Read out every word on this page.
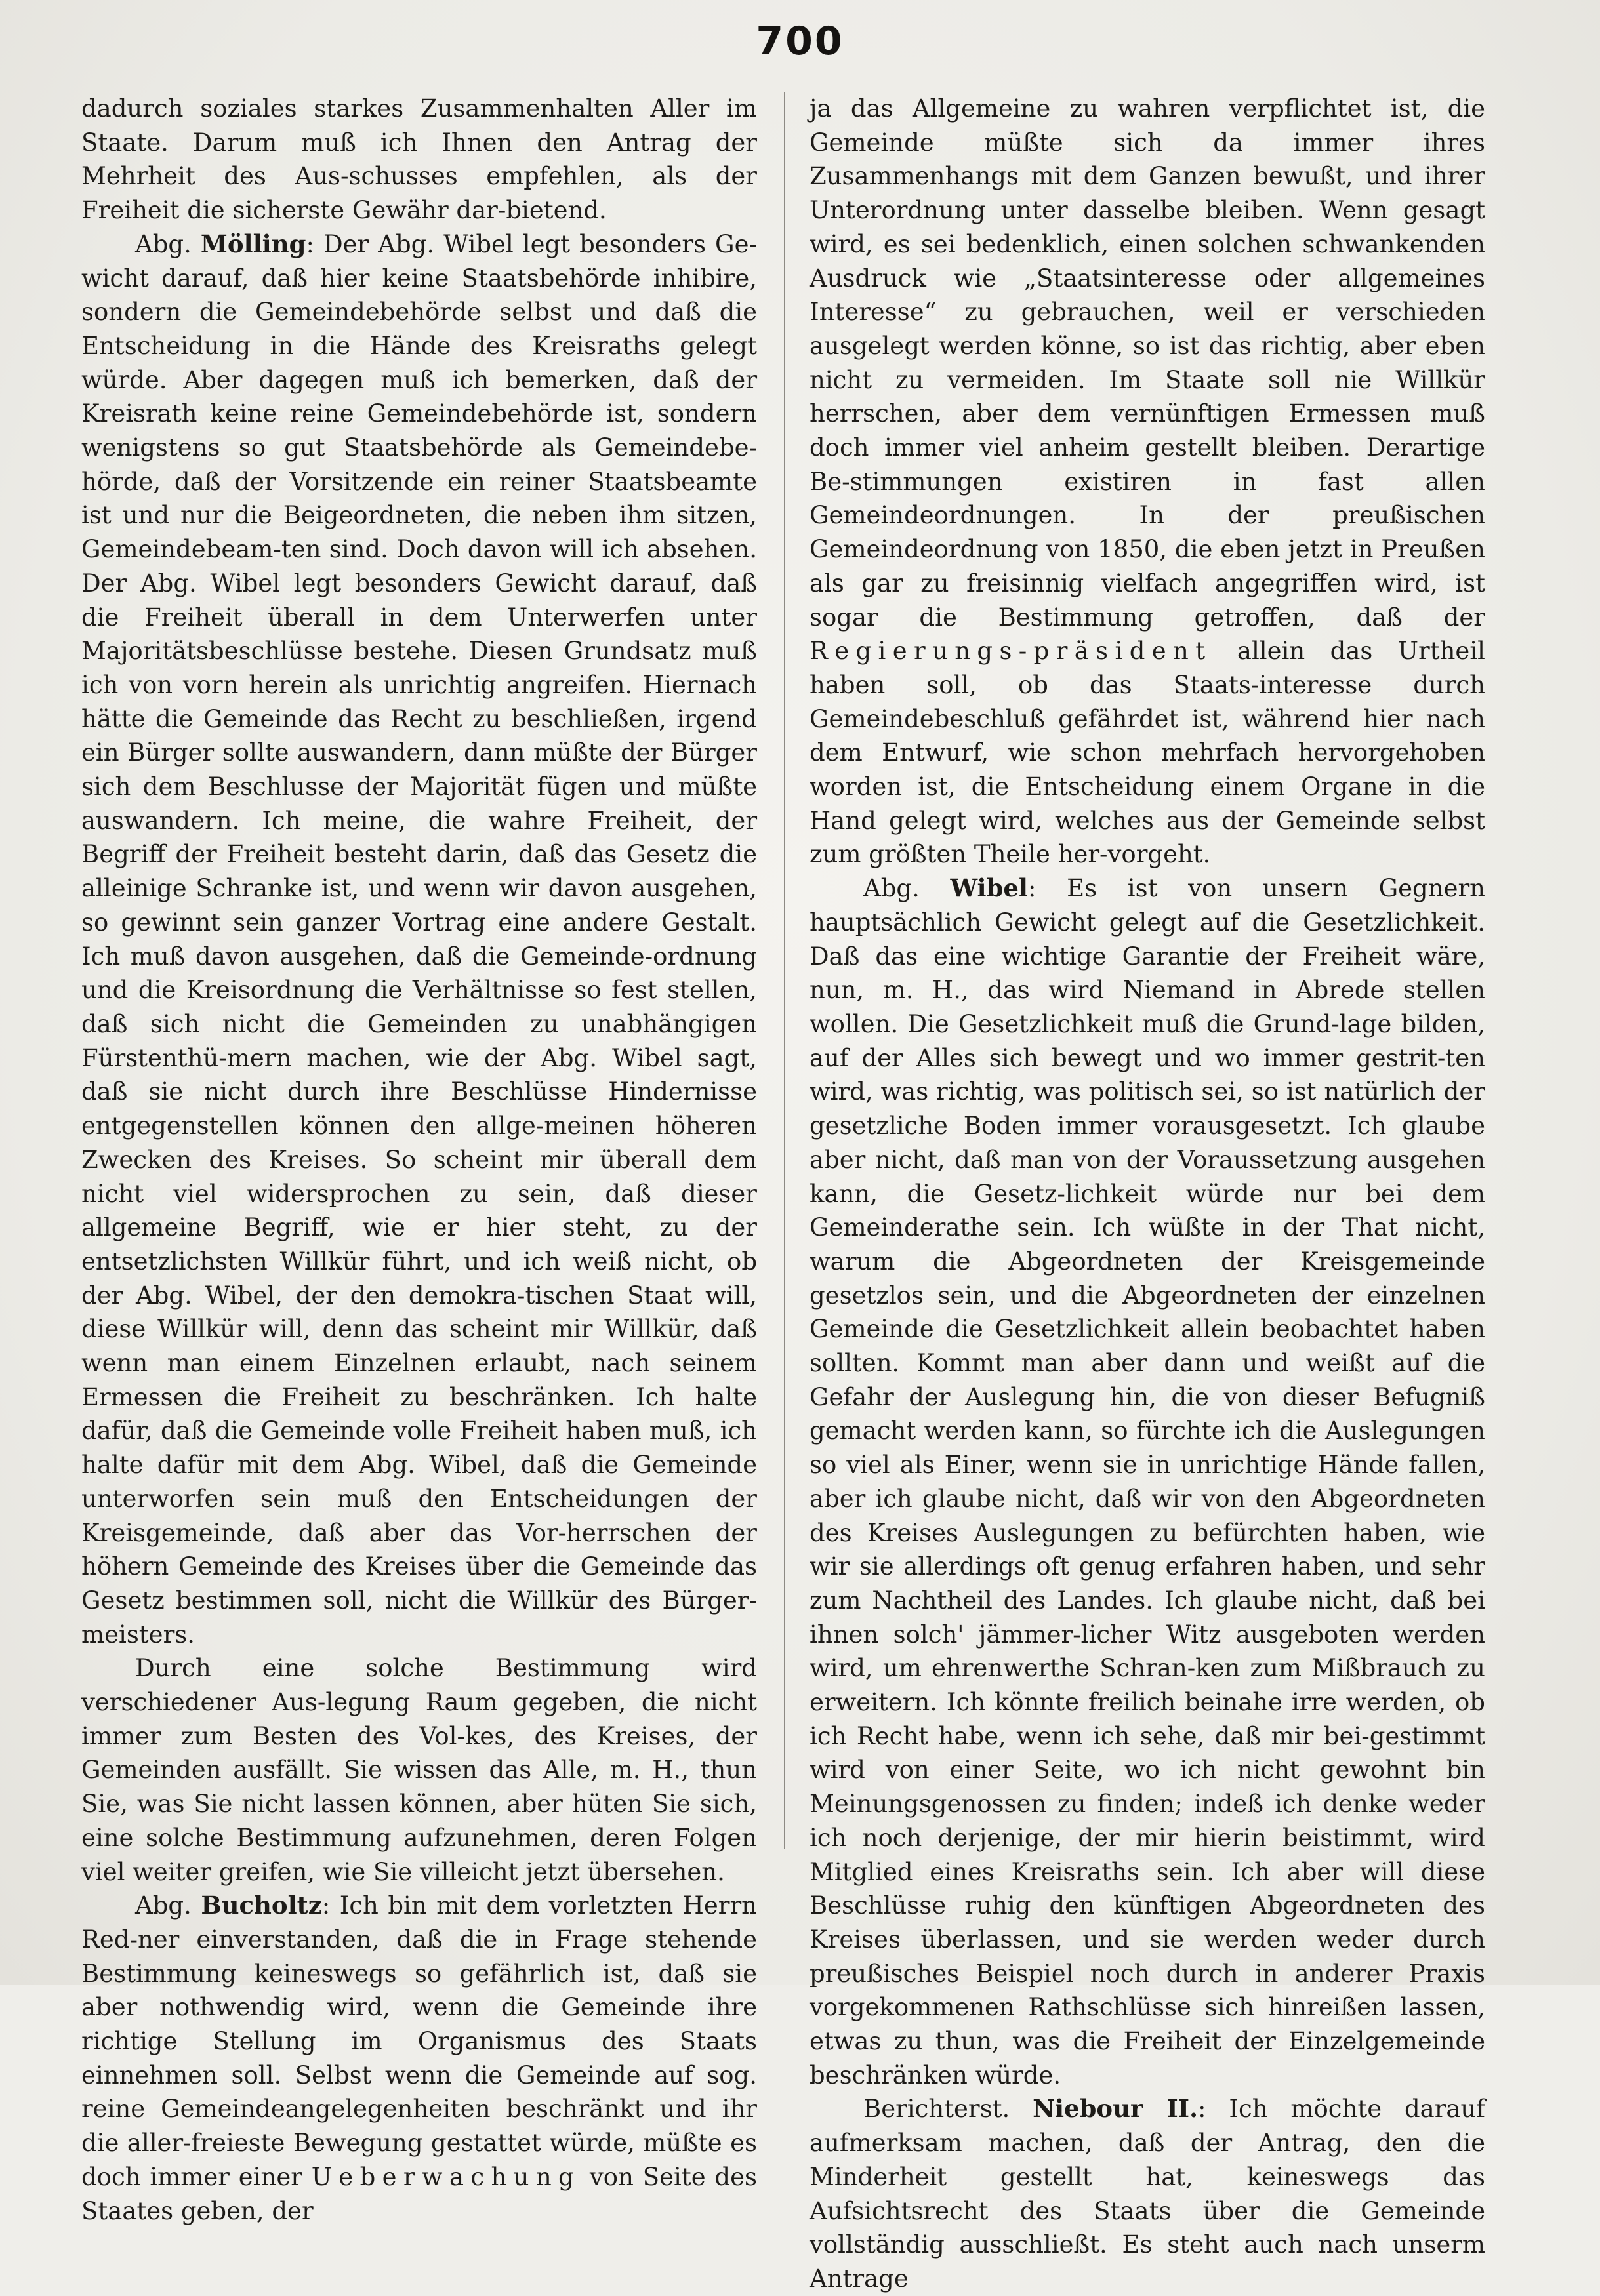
700

dadurch soziales starkes Zusammenhalten Aller im Staate. Darum muß ich Ihnen den Antrag der Mehrheit des Aus-schusses empfehlen, als der Freiheit die sicherste Gewähr dar-bietend.

Abg. Mölling: Der Abg. Wibel legt besonders Ge-wicht darauf, daß hier keine Staatsbehörde inhibire, sondern die Gemeindebehörde selbst und daß die Entscheidung in die Hände des Kreisraths gelegt würde. Aber dagegen muß ich bemerken, daß der Kreisrath keine reine Gemeindebehörde ist, sondern wenigstens so gut Staatsbehörde als Gemeindebe-hörde, daß der Vorsitzende ein reiner Staatsbeamte ist und nur die Beigeordneten, die neben ihm sitzen, Gemeindebeam-ten sind. Doch davon will ich absehen. Der Abg. Wibel legt besonders Gewicht darauf, daß die Freiheit überall in dem Unterwerfen unter Majoritätsbeschlüsse bestehe. Diesen Grundsatz muß ich von vorn herein als unrichtig angreifen. Hiernach hätte die Gemeinde das Recht zu beschließen, irgend ein Bürger sollte auswandern, dann müßte der Bürger sich dem Beschlusse der Majorität fügen und müßte auswandern. Ich meine, die wahre Freiheit, der Begriff der Freiheit besteht darin, daß das Gesetz die alleinige Schranke ist, und wenn wir davon ausgehen, so gewinnt sein ganzer Vortrag eine andere Gestalt. Ich muß davon ausgehen, daß die Gemeinde-ordnung und die Kreisordnung die Verhältnisse so fest stellen, daß sich nicht die Gemeinden zu unabhängigen Fürstenthü-mern machen, wie der Abg. Wibel sagt, daß sie nicht durch ihre Beschlüsse Hindernisse entgegenstellen können den allge-meinen höheren Zwecken des Kreises. So scheint mir überall dem nicht viel widersprochen zu sein, daß dieser allgemeine Begriff, wie er hier steht, zu der entsetzlichsten Willkür führt, und ich weiß nicht, ob der Abg. Wibel, der den demokra-tischen Staat will, diese Willkür will, denn das scheint mir Willkür, daß wenn man einem Einzelnen erlaubt, nach seinem Ermessen die Freiheit zu beschränken. Ich halte dafür, daß die Gemeinde volle Freiheit haben muß, ich halte dafür mit dem Abg. Wibel, daß die Gemeinde unterworfen sein muß den Entscheidungen der Kreisgemeinde, daß aber das Vor-herrschen der höhern Gemeinde des Kreises über die Gemeinde das Gesetz bestimmen soll, nicht die Willkür des Bürger-meisters.

Durch eine solche Bestimmung wird verschiedener Aus-legung Raum gegeben, die nicht immer zum Besten des Vol-kes, des Kreises, der Gemeinden ausfällt. Sie wissen das Alle, m. H., thun Sie, was Sie nicht lassen können, aber hüten Sie sich, eine solche Bestimmung aufzunehmen, deren Folgen viel weiter greifen, wie Sie villeicht jetzt übersehen.

Abg. Bucholtz: Ich bin mit dem vorletzten Herrn Red-ner einverstanden, daß die in Frage stehende Bestimmung keineswegs so gefährlich ist, daß sie aber nothwendig wird, wenn die Gemeinde ihre richtige Stellung im Organismus des Staats einnehmen soll. Selbst wenn die Gemeinde auf sog. reine Gemeindeangelegenheiten beschränkt und ihr die aller-freieste Bewegung gestattet würde, müßte es doch immer einer Ueberwachung von Seite des Staates geben, der

ja das Allgemeine zu wahren verpflichtet ist, die Gemeinde müßte sich da immer ihres Zusammenhangs mit dem Ganzen bewußt, und ihrer Unterordnung unter dasselbe bleiben. Wenn gesagt wird, es sei bedenklich, einen solchen schwankenden Ausdruck wie „Staatsinteresse oder allgemeines Interesse“ zu gebrauchen, weil er verschieden ausgelegt werden könne, so ist das richtig, aber eben nicht zu vermeiden. Im Staate soll nie Willkür herrschen, aber dem vernünftigen Ermessen muß doch immer viel anheim gestellt bleiben. Derartige Be-stimmungen existiren in fast allen Gemeindeordnungen. In der preußischen Gemeindeordnung von 1850, die eben jetzt in Preußen als gar zu freisinnig vielfach angegriffen wird, ist sogar die Bestimmung getroffen, daß der Regierungs-präsident allein das Urtheil haben soll, ob das Staats-interesse durch Gemeindebeschluß gefährdet ist, während hier nach dem Entwurf, wie schon mehrfach hervorgehoben worden ist, die Entscheidung einem Organe in die Hand gelegt wird, welches aus der Gemeinde selbst zum größten Theile her-vorgeht.

Abg. Wibel: Es ist von unsern Gegnern hauptsächlich Gewicht gelegt auf die Gesetzlichkeit. Daß das eine wichtige Garantie der Freiheit wäre, nun, m. H., das wird Niemand in Abrede stellen wollen. Die Gesetzlichkeit muß die Grund-lage bilden, auf der Alles sich bewegt und wo immer gestrit-ten wird, was richtig, was politisch sei, so ist natürlich der gesetzliche Boden immer vorausgesetzt. Ich glaube aber nicht, daß man von der Voraussetzung ausgehen kann, die Gesetz-lichkeit würde nur bei dem Gemeinderathe sein. Ich wüßte in der That nicht, warum die Abgeordneten der Kreisgemeinde gesetzlos sein, und die Abgeordneten der einzelnen Gemeinde die Gesetzlichkeit allein beobachtet haben sollten. Kommt man aber dann und weißt auf die Gefahr der Auslegung hin, die von dieser Befugniß gemacht werden kann, so fürchte ich die Auslegungen so viel als Einer, wenn sie in unrichtige Hände fallen, aber ich glaube nicht, daß wir von den Abgeordneten des Kreises Auslegungen zu befürchten haben, wie wir sie allerdings oft genug erfahren haben, und sehr zum Nachtheil des Landes. Ich glaube nicht, daß bei ihnen solch' jämmer-licher Witz ausgeboten werden wird, um ehrenwerthe Schran-ken zum Mißbrauch zu erweitern. Ich könnte freilich beinahe irre werden, ob ich Recht habe, wenn ich sehe, daß mir bei-gestimmt wird von einer Seite, wo ich nicht gewohnt bin Meinungsgenossen zu finden; indeß ich denke weder ich noch derjenige, der mir hierin beistimmt, wird Mitglied eines Kreisraths sein. Ich aber will diese Beschlüsse ruhig den künftigen Abgeordneten des Kreises überlassen, und sie werden weder durch preußisches Beispiel noch durch in anderer Praxis vorgekommenen Rathschlüsse sich hinreißen lassen, etwas zu thun, was die Freiheit der Einzelgemeinde beschränken würde.

Berichterst. Niebour II.: Ich möchte darauf aufmerksam machen, daß der Antrag, den die Minderheit gestellt hat, keineswegs das Aufsichtsrecht des Staats über die Gemeinde vollständig ausschließt. Es steht auch nach unserm Antrage
